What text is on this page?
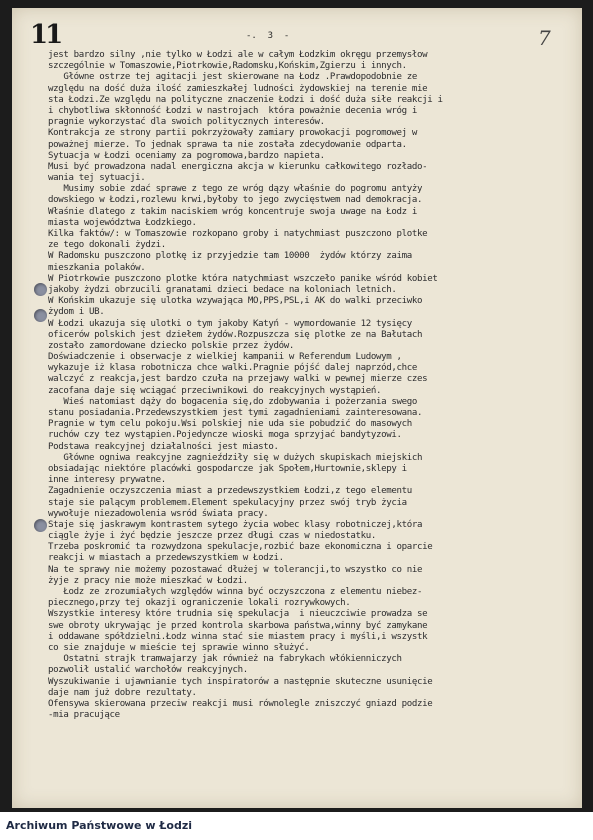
11	7
-.  3  -
jest bardzo silny ,nie tylko w Łodzi ale w całym Łodzkim okręgu przemysłow
szczególnie w Tomaszowie,Piotrkowie,Radomsku,Końskim,Zgierzu i innych.
Główne ostrze tej agitacji jest skierowane na Łodz .Prawdopodobnie ze
względu na dość duża ilość zamieszkałej ludności żydowskiej na terenie mie
sta Łodzi.Ze względu na polityczne znaczenie Łodzi i dość duża siłe reakcji i
i chybotliwa skłonność Łodzi w nastrojach  która poważnie decenia wróg i
pragnie wykorzystać dla swoich politycznych interesów.
Kontrakcja ze strony partii pokrzyżowały zamiary prowokacji pogromowej w
poważnej mierze. To jednak sprawa ta nie została zdecydowanie odparta.
Sytuacja w Łodzi oceniamy za pogromowa,bardzo napieta.
Musi być prowadzona nadal energiczna akcja w kierunku całkowitego rozłado-
wania tej sytuacji.
Musimy sobie zdać sprawe z tego ze wróg dązy właśnie do pogromu antyży
dowskiego w Łodzi,rozlewu krwi,byłoby to jego zwycięstwem nad demokracja.
Właśnie dlatego z takim naciskiem wróg koncentruje swoja uwage na Łodz i
miasta województwa Łodzkiego.
Kilka faktów/: w Tomaszowie rozkopano groby i natychmiast puszczono plotke
ze tego dokonali żydzi.
W Radomsku puszczono plotkę iz przyjedzie tam 10000  żydów którzy zaima
mieszkania polaków.
W Piotrkowie puszczono plotke która natychmiast wszczeło panike wśród kobiet
jakoby żydzi obrzucili granatami dzieci bedace na koloniach letnich.
W Końskim ukazuje się ulotka wzywająca MO,PPS,PSL,i AK do walki przeciwko
żydom i UB.
W Łodzi ukazuja się ulotki o tym jakoby Katyń - wymordowanie 12 tysięcy
oficerów polskich jest dziełem żydów.Rozpuszcza się plotke ze na Bałutach
zostało zamordowane dziecko polskie przez żydów.
Doświadczenie i obserwacje z wielkiej kampanii w Referendum Ludowym ,
wykazuje iż klasa robotnicza chce walki.Pragnie pójść dalej naprzód,chce
walczyć z reakcja,jest bardzo czuła na przejawy walki w pewnej mierze czes
zacofana daje się wciągać przeciwnikowi do reakcyjnych wystąpień.
Wieś natomiast dąży do bogacenia się,do zdobywania i pożerzania swego
stanu posiadania.Przedewszystkiem jest tymi zagadnieniami zainteresowana.
Pragnie w tym celu pokoju.Wsi polskiej nie uda sie pobudzić do masowych
ruchów czy tez wystąpien.Pojedyncze wioski moga sprzyjać bandytyzowi.
Podstawa reakcyjnej działalności jest miasto.
Główne ogniwa reakcyjne zagnieździły się w dużych skupiskach miejskich
obsiadając niektóre placówki gospodarcze jak Społem,Hurtownie,sklepy i
inne interesy prywatne.
Zagadnienie oczyszczenia miast a przedewszystkiem Łodzi,z tego elementu
staje sie palącym problemem.Element spekulacyjny przez swój tryb życia
wywołuje niezadowolenia wsród świata pracy.
Staje się jaskrawym kontrastem sytego życia wobec klasy robotniczej,która
ciągle żyje i żyć będzie jeszcze przez długi czas w niedostatku.
Trzeba poskromić ta rozwydzona spekulacje,rozbić baze ekonomiczna i oparcie
reakcji w miastach a przedewszystkiem w Łodzi.
Na te sprawy nie możemy pozostawać dłużej w tolerancji,to wszystko co nie
żyje z pracy nie może mieszkać w Łodzi.
Łodz ze zrozumiałych względów winna być oczyszczona z elementu niebez-
piecznego,przy tej okazji ograniczenie lokali rozrywkowych.
Wszystkie interesy które trudnia się spekulacja  i nieuczciwie prowadza se
swe obroty ukrywając je przed kontrola skarbowa państwa,winny być zamykane
i oddawane spółdzielni.Łodz winna stać sie miastem pracy i myśli,i wszystk
co sie znajduje w mieście tej sprawie winno służyć.
Ostatni strajk tramwajarzy jak również na fabrykach włókienniczych
pozwolił ustalić warchołów reakcyjnych.
Wyszukiwanie i ujawnianie tych inspiratorów a następnie skuteczne usunięcie
daje nam już dobre rezultaty.
Ofensywa skierowana przeciw reakcji musi równolegle zniszczyć gniazd podzie
-mia pracujące
Archiwum Państwowe w Łodzi
